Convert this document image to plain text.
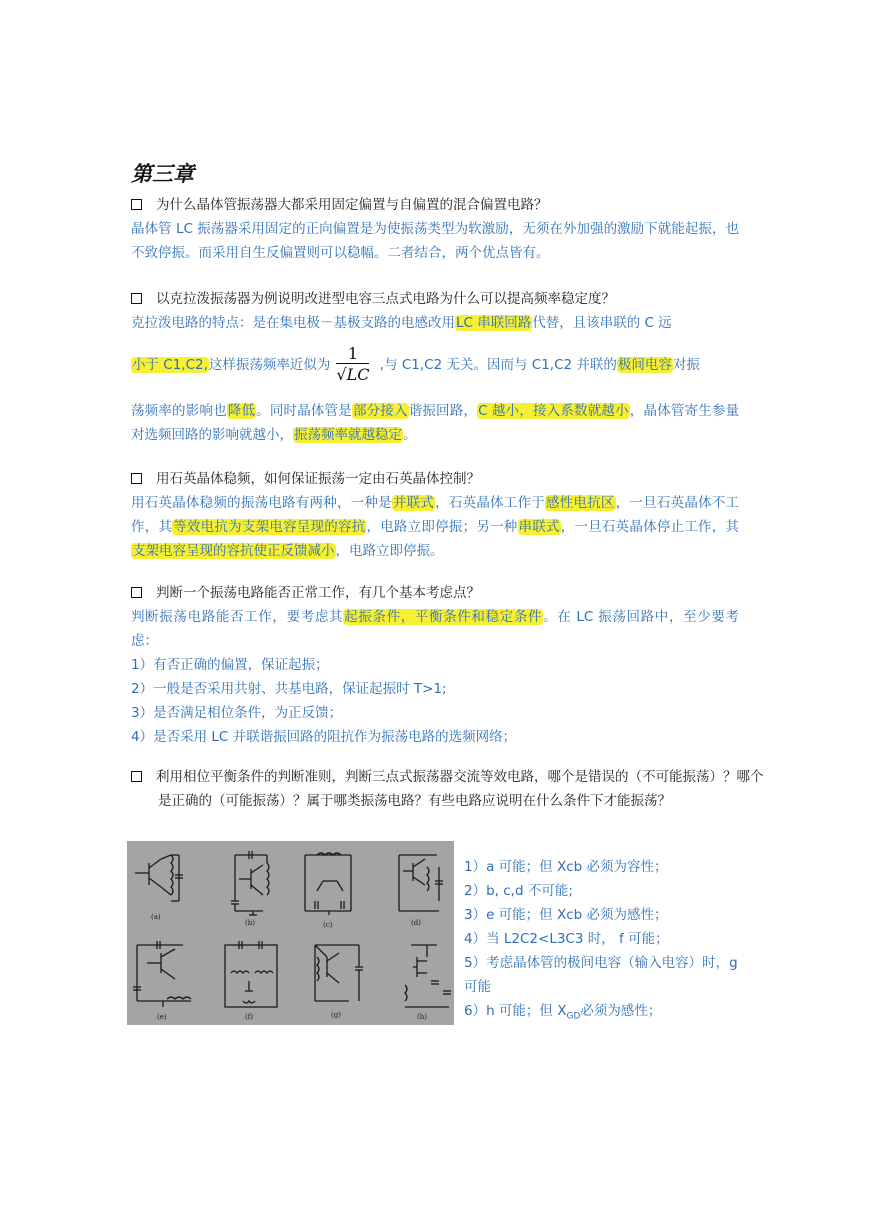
第三章
为什么晶体管振荡器大都采用固定偏置与自偏置的混合偏置电路？
晶体管 LC 振荡器采用固定的正向偏置是为使振荡类型为软激励，无须在外加强的激励下就能起振，也不致停振。而采用自生反偏置则可以稳幅。二者结合，两个优点皆有。
以克拉泼振荡器为例说明改进型电容三点式电路为什么可以提高频率稳定度？
克拉泼电路的特点：是在集电极－基极支路的电感改用LC 串联回路代替，且该串联的 C 远
小于 C1,C2,这样振荡频率近似为 $\frac{1}{√LC}$ ,与 C1,C2 无关。因而与 C1,C2 并联的极间电容对振
荡频率的影响也降低。同时晶体管是部分接入谐振回路，C 越小，接入系数就越小，晶体管寄生参量对选频回路的影响就越小，振荡频率就越稳定。
用石英晶体稳频，如何保证振荡一定由石英晶体控制？
用石英晶体稳频的振荡电路有两种，一种是并联式，石英晶体工作于感性电抗区，一旦石英晶体不工作，其等效电抗为支架电容呈现的容抗，电路立即停振；另一种串联式，一旦石英晶体停止工作，其支架电容呈现的容抗使正反馈减小，电路立即停振。
判断一个振荡电路能否正常工作，有几个基本考虑点？
判断振荡电路能否工作，要考虑其起振条件，平衡条件和稳定条件。在 LC 振荡回路中，至少要考虑：
1）有否正确的偏置，保证起振；
2）一般是否采用共射、共基电路，保证起振时 T>1;
3）是否满足相位条件，为正反馈；
4）是否采用 LC 并联谐振回路的阻抗作为振荡电路的选频网络；
利用相位平衡条件的判断准则，判断三点式振荡器交流等效电路，哪个是错误的（不可能振荡）？哪个是正确的（可能振荡）？属于哪类振荡电路？有些电路应说明在什么条件下才能振荡？
(a)
(b)	(c)	(d)
(e)	(f)	(g)	(h)
1）a 可能；但 Xcb 必须为容性；
2）b, c,d 不可能;
3）e 可能；但 Xcb 必须为感性；
4）当 L2C2<L3C3 时， f 可能；
5）考虑晶体管的极间电容（输入电容）时，g 可能
6）h 可能；但 $X_{GD}$必须为感性；
